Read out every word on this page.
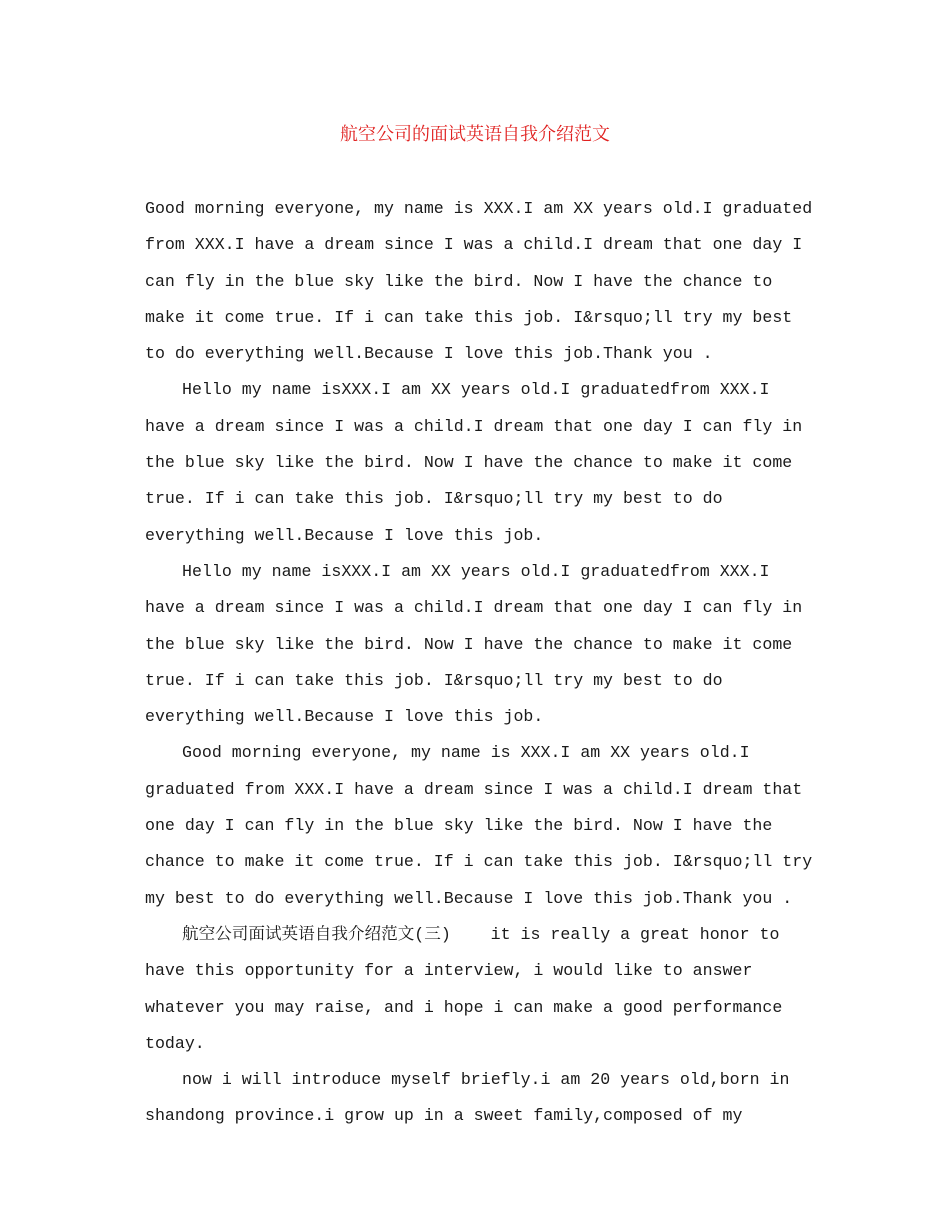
航空公司的面试英语自我介绍范文

Good morning everyone, my name is XXX.I am XX years old.I graduated from XXX.I have a dream since I was a child.I dream that one day I can fly in the blue sky like the bird. Now I have the chance to make it come true. If i can take this job. I&rsquo;ll try my best to do everything well.Because I love this job.Thank you .

Hello my name isXXX.I am XX years old.I graduatedfrom XXX.I have a dream since I was a child.I dream that one day I can fly in the blue sky like the bird. Now I have the chance to make it come true. If i can take this job. I&rsquo;ll try my best to do everything well.Because I love this job.

Hello my name isXXX.I am XX years old.I graduatedfrom XXX.I have a dream since I was a child.I dream that one day I can fly in the blue sky like the bird. Now I have the chance to make it come true. If i can take this job. I&rsquo;ll try my best to do everything well.Because I love this job.

Good morning everyone, my name is XXX.I am XX years old.I graduated from XXX.I have a dream since I was a child.I dream that one day I can fly in the blue sky like the bird. Now I have the chance to make it come true. If i can take this job. I&rsquo;ll try my best to do everything well.Because I love this job.Thank you .

航空公司面试英语自我介绍范文(三)    it is really a great honor to have this opportunity for a interview, i would like to answer whatever you may raise, and i hope i can make a good performance today.

now i will introduce myself briefly.i am 20 years old,born in shandong province.i grow up in a sweet family,composed of my
